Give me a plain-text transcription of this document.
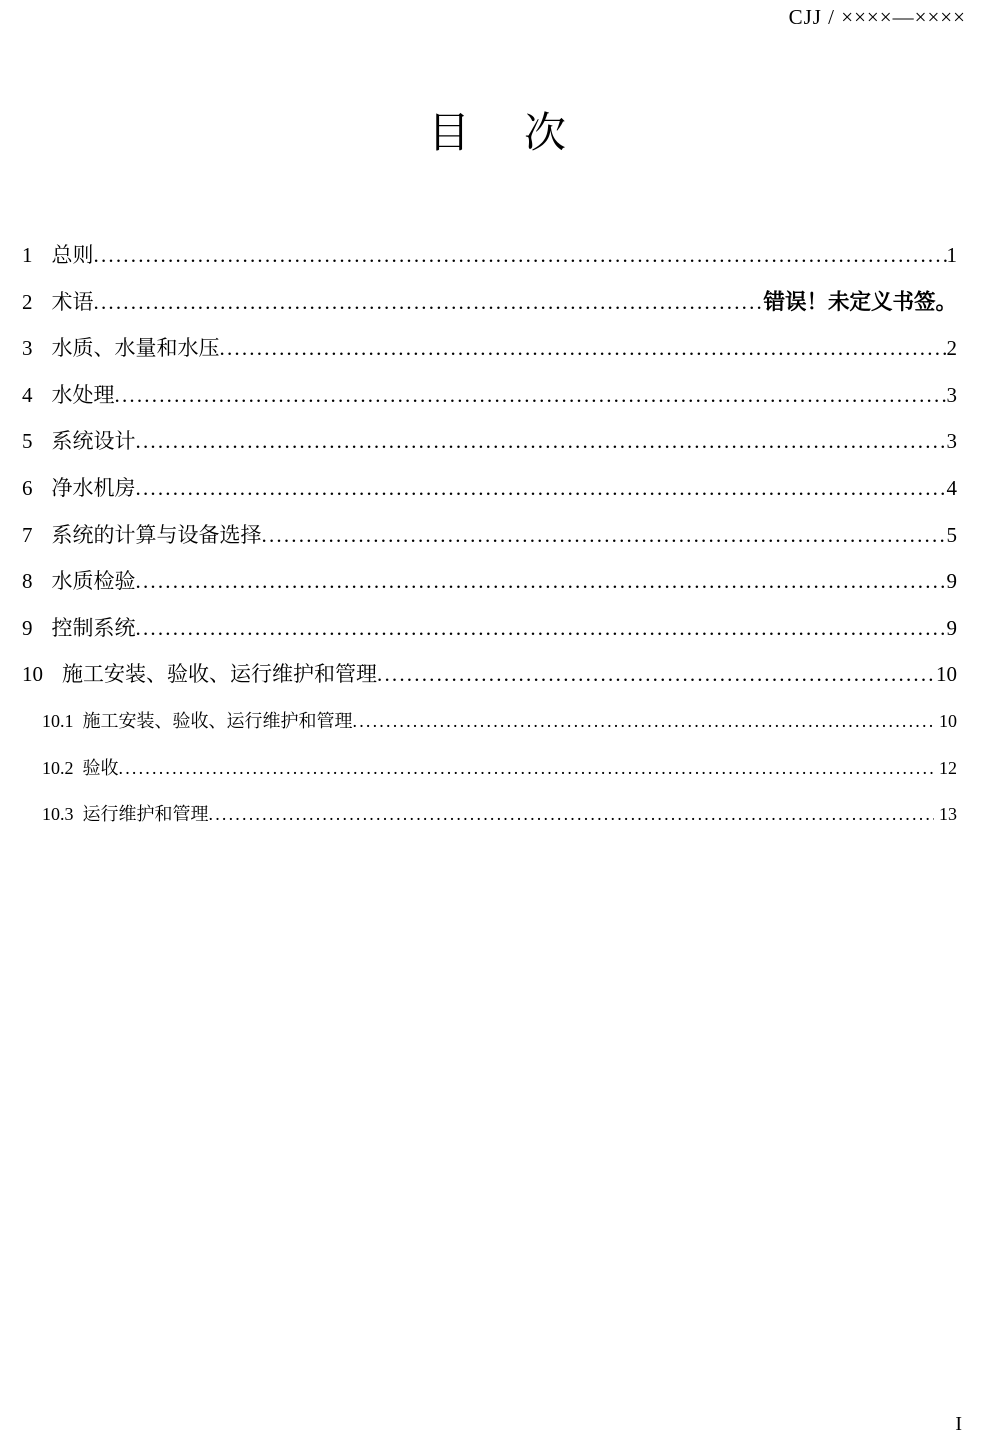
CJJ / ××××—××××
目　次
1 总则 .....	1
2 术语 .....	错误！未定义书签。
3 水质、水量和水压 .....	2
4 水处理 .....	3
5 系统设计 .....	3
6 净水机房 .....	4
7 系统的计算与设备选择 .....	5
8 水质检验 .....	9
9 控制系统 .....	9
10 施工安装、验收、运行维护和管理 .....	10
10.1 施工安装、验收、运行维护和管理 .....	10
10.2 验收 .....	12
10.3 运行维护和管理 .....	13
I
